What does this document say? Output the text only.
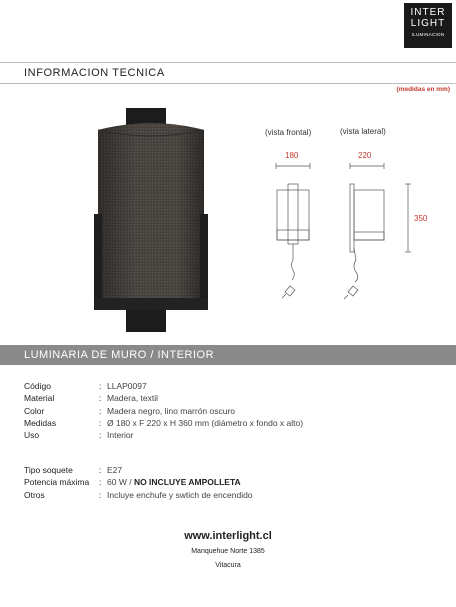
INTER
LIGHT
ILUMINACION
INFORMACION TECNICA
(medidas en mm)
(vista frontal)	(vista lateral)
180	220
350
LUMINARIA DE MURO / INTERIOR
Código	: LLAP0097
Material	: Madera, textil
Color	: Madera negro, lino marrón oscuro
Medidas	: Ø 180 x F 220 x H 360 mm (diámetro x fondo x alto)
Uso	: Interior
Tipo soquete	: E27
Potencia máxima	: 60 W / NO INCLUYE AMPOLLETA
Otros	: Incluye enchufe y swtich de encendido
www.interlight.cl
Manquehue Norte 1385
Vitacura
